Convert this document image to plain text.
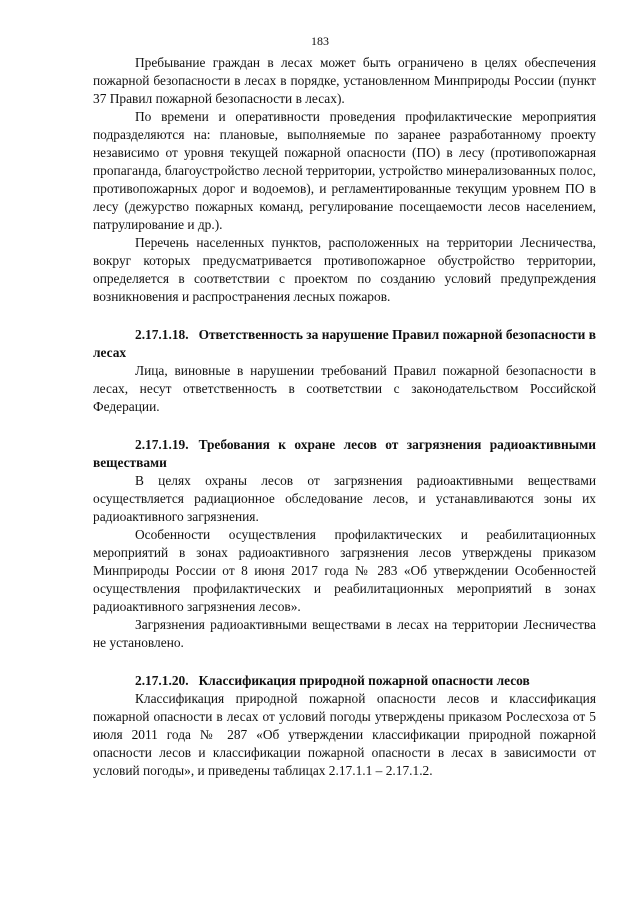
183

Пребывание граждан в лесах может быть ограничено в целях обеспечения пожарной безопасности в лесах в порядке, установленном Минприроды России (пункт 37 Правил пожарной безопасности в лесах).

По времени и оперативности проведения профилактические мероприятия подразделяются на: плановые, выполняемые по заранее разработанному проекту независимо от уровня текущей пожарной опасности (ПО) в лесу (противопожарная пропаганда, благоустройство лесной территории, устройство минерализованных полос, противопожарных дорог и водоемов), и регламентированные текущим уровнем ПО в лесу (дежурство пожарных команд, регулирование посещаемости лесов населением, патрулирование и др.).

Перечень населенных пунктов, расположенных на территории Лесничества, вокруг которых предусматривается противопожарное обустройство территории, определяется в соответствии с проектом по созданию условий предупреждения возникновения и распространения лесных пожаров.

2.17.1.18. Ответственность за нарушение Правил пожарной безопасности в лесах

Лица, виновные в нарушении требований Правил пожарной безопасности в лесах, несут ответственность в соответствии с законодательством Российской Федерации.

2.17.1.19. Требования к охране лесов от загрязнения радиоактивными веществами

В целях охраны лесов от загрязнения радиоактивными веществами осуществляется радиационное обследование лесов, и устанавливаются зоны их радиоактивного загрязнения.

Особенности осуществления профилактических и реабилитационных мероприятий в зонах радиоактивного загрязнения лесов утверждены приказом Минприроды России от 8 июня 2017 года № 283 «Об утверждении Особенностей осуществления профилактических и реабилитационных мероприятий в зонах радиоактивного загрязнения лесов».

Загрязнения радиоактивными веществами в лесах на территории Лесничества не установлено.

2.17.1.20. Классификация природной пожарной опасности лесов

Классификация природной пожарной опасности лесов и классификация пожарной опасности в лесах от условий погоды утверждены приказом Рослесхоза от 5 июля 2011 года № 287 «Об утверждении классификации природной пожарной опасности лесов и классификации пожарной опасности в лесах в зависимости от условий погоды», и приведены таблицах 2.17.1.1 – 2.17.1.2.
